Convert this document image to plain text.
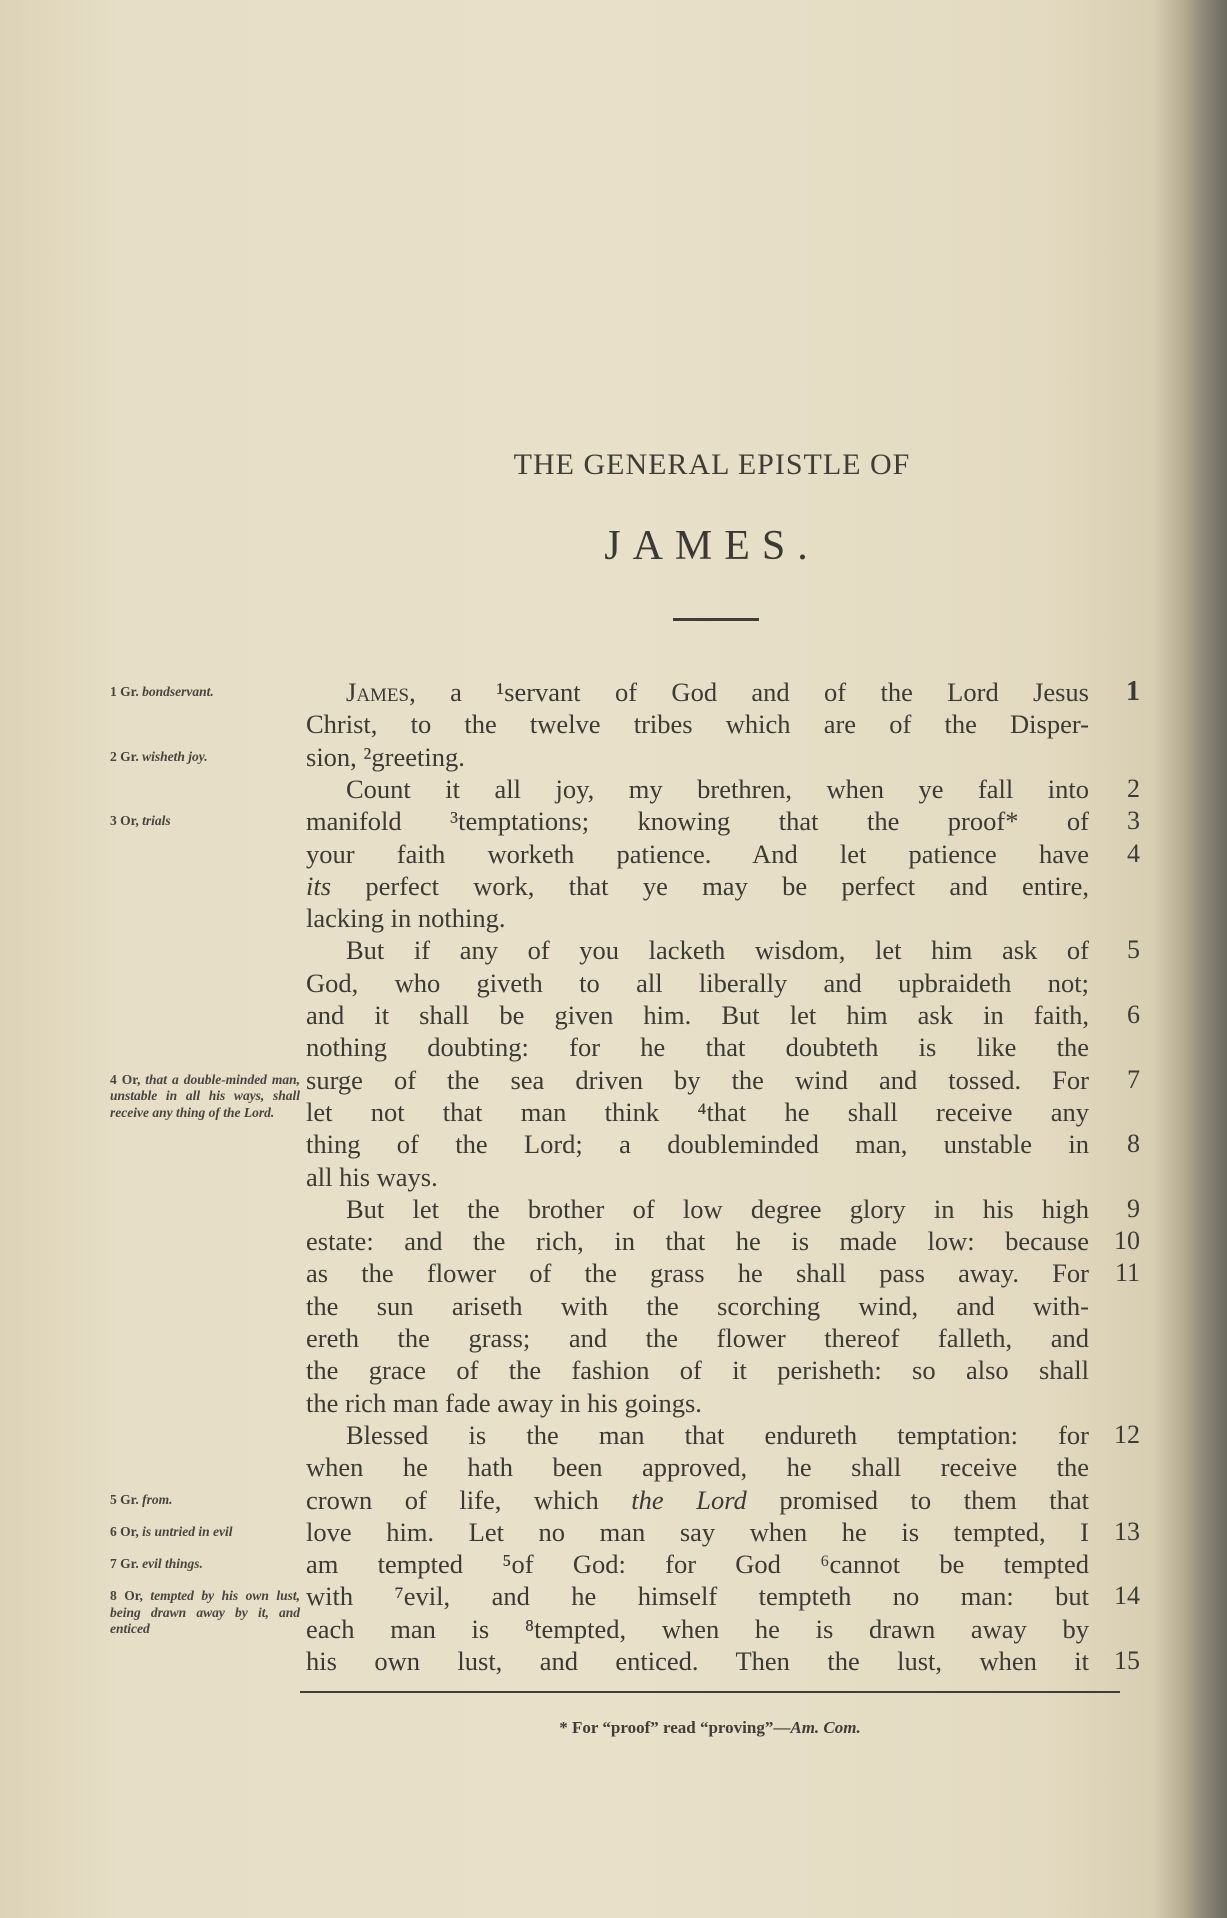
THE GENERAL EPISTLE OF
JAMES.
James, a ¹servant of God and of the Lord Jesus	1
Christ, to the twelve tribes which are of the Disper-
sion, ²greeting.
Count it all joy, my brethren, when ye fall into	2
manifold ³temptations; knowing that the proof* of	3
your faith worketh patience. And let patience have	4
its perfect work, that ye may be perfect and entire,
lacking in nothing.
But if any of you lacketh wisdom, let him ask of	5
God, who giveth to all liberally and upbraideth not;
and it shall be given him. But let him ask in faith,	6
nothing doubting: for he that doubteth is like the
surge of the sea driven by the wind and tossed. For	7
let not that man think ⁴that he shall receive any
thing of the Lord; a doubleminded man, unstable in	8
all his ways.
But let the brother of low degree glory in his high	9
estate: and the rich, in that he is made low: because 10
as the flower of the grass he shall pass away. For 11
the sun ariseth with the scorching wind, and with-
ereth the grass; and the flower thereof falleth, and
the grace of the fashion of it perisheth: so also shall
the rich man fade away in his goings.
Blessed is the man that endureth temptation: for 12
when he hath been approved, he shall receive the
crown of life, which the Lord promised to them that
love him. Let no man say when he is tempted, I 13
am tempted ⁵of God: for God ⁶cannot be tempted
with ⁷evil, and he himself tempteth no man: but 14
each man is ⁸tempted, when he is drawn away by
his own lust, and enticed. Then the lust, when it 15
1 Gr. bondservant.
2 Gr. wisheth joy.
3 Or, trials
4 Or, that a double-minded man, unstable in all his ways, shall receive any thing of the Lord.
5 Gr. from.
6 Or, is untried in evil
7 Gr. evil things.
8 Or, tempted by his own lust, being drawn away by it, and enticed
* For “proof” read “proving”—Am. Com.
